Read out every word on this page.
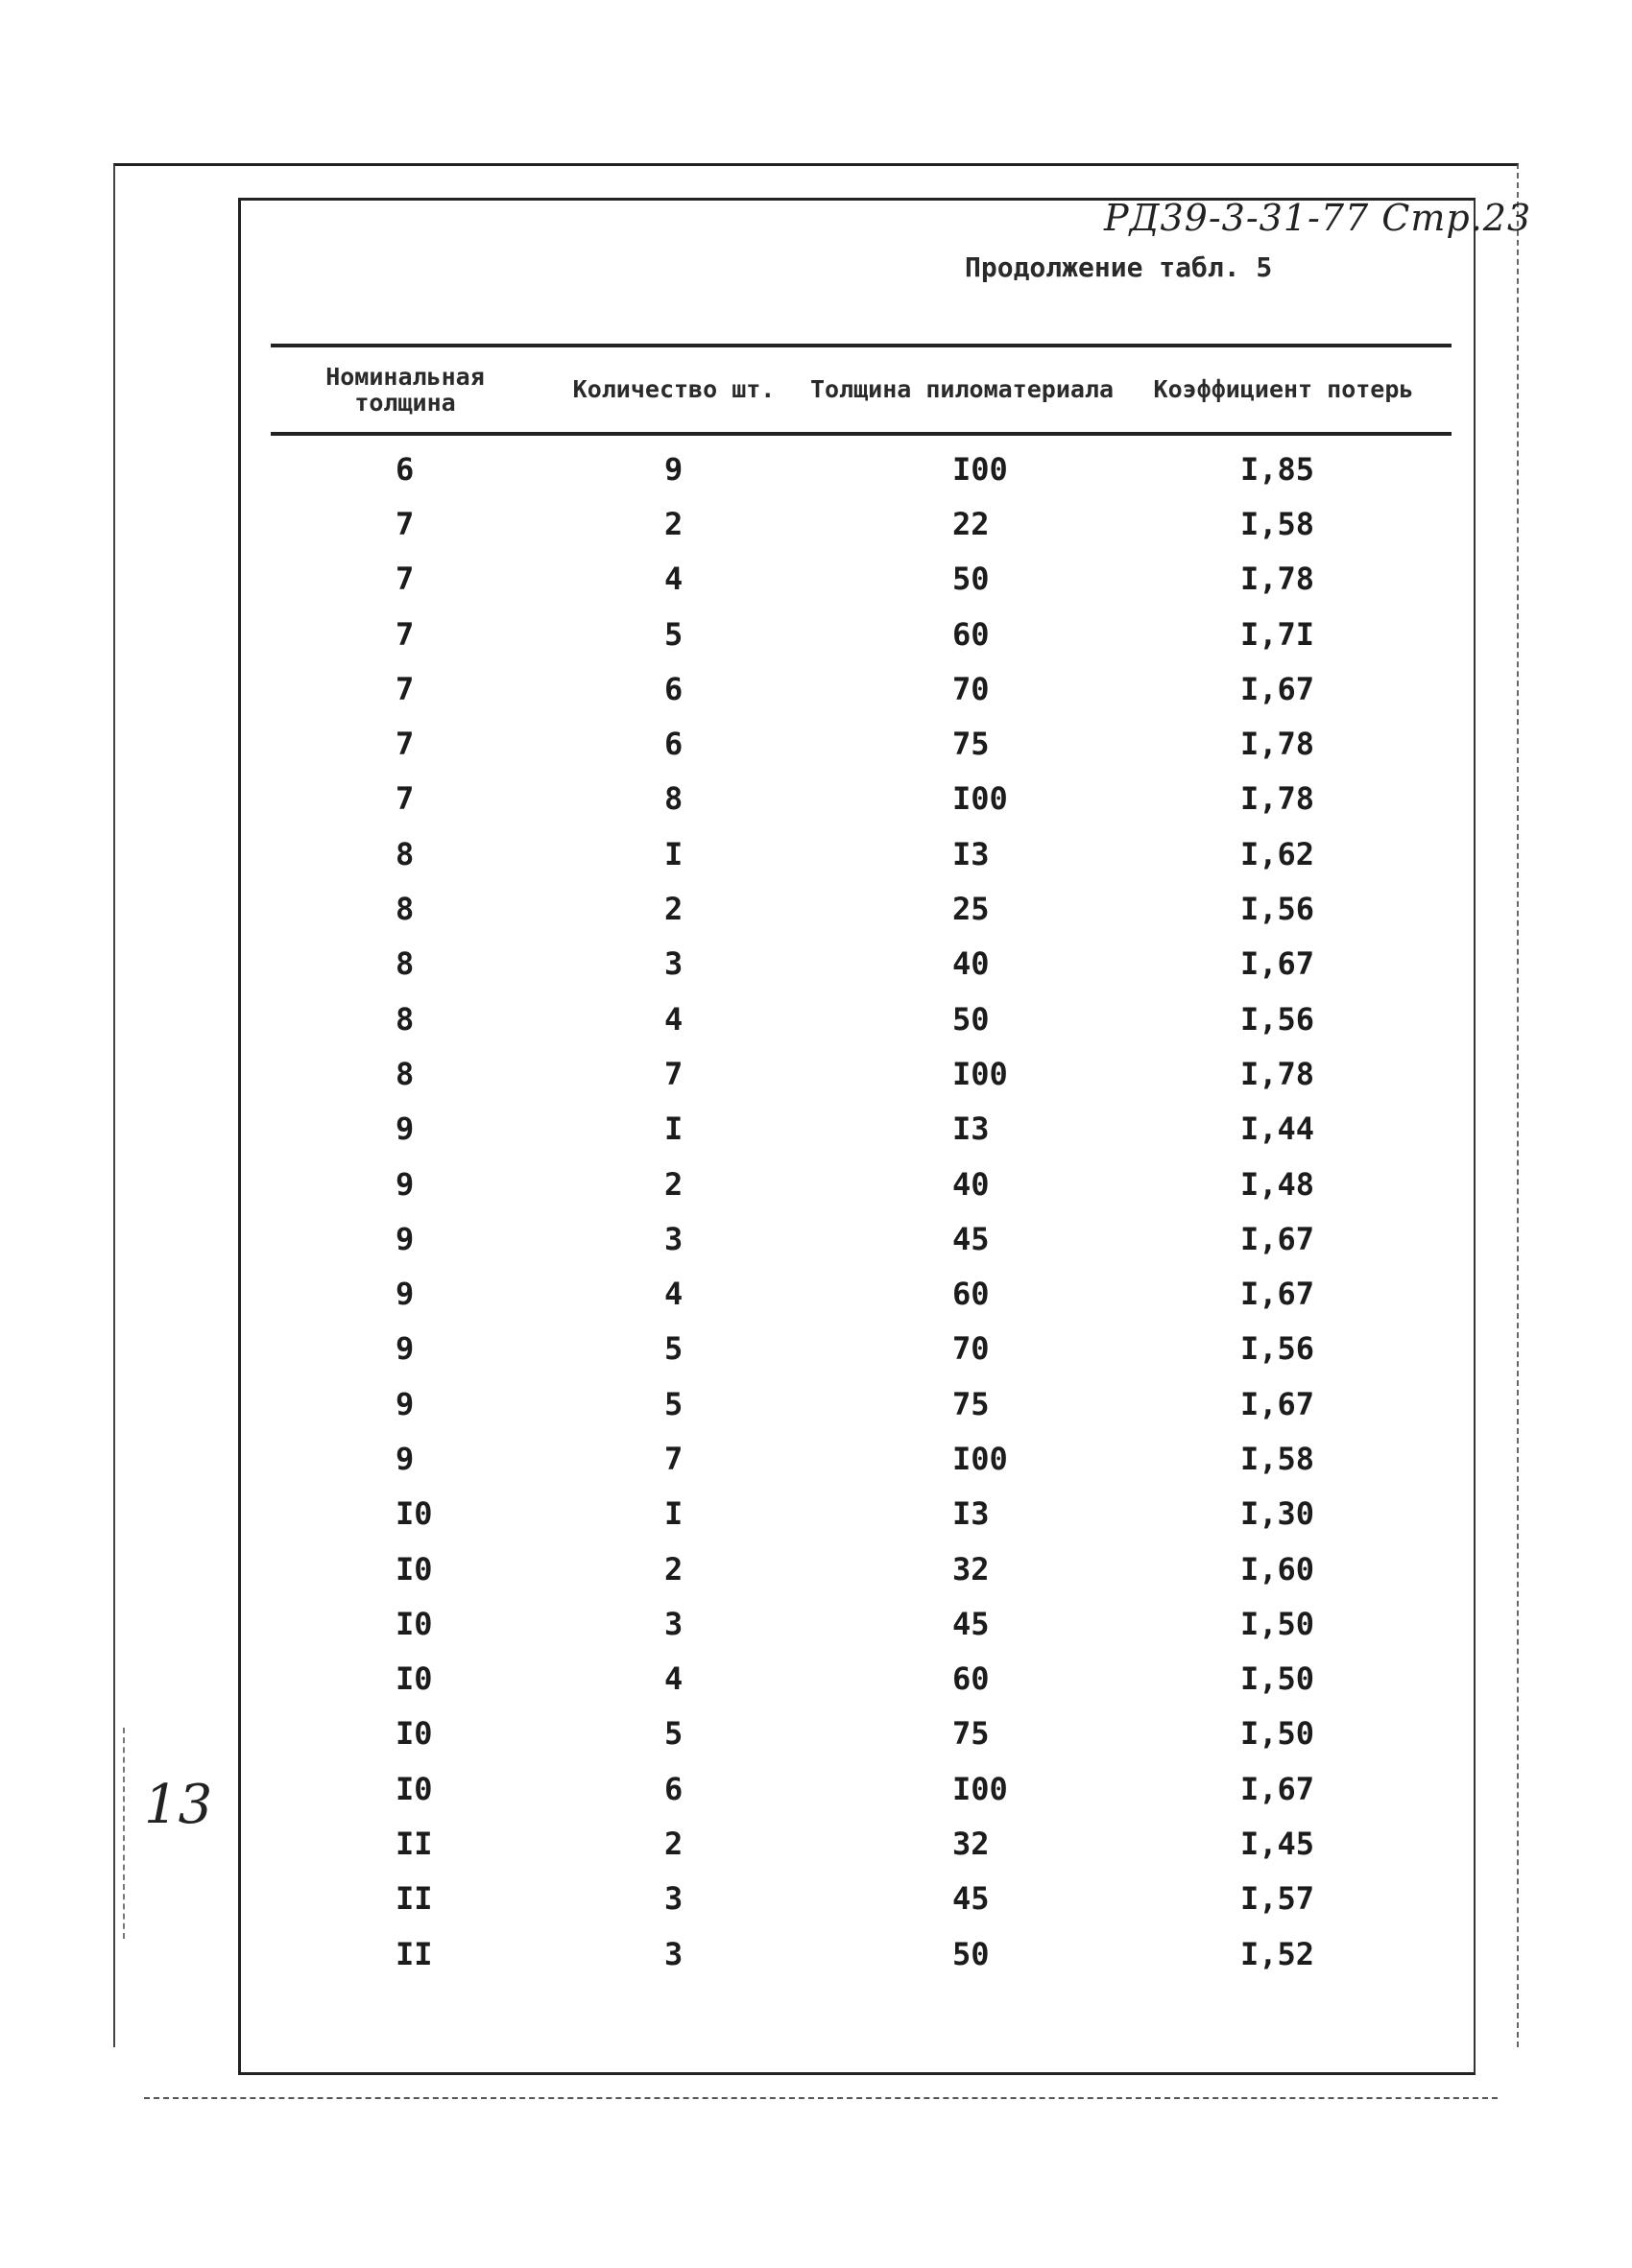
РД39-3-31-77 Стр.23
Продолжение табл. 5
13
Номинальная толщина	Количество шт.	Толщина пиломатериала	Коэффициент потерь
6	9	I00	I,85
7	2	22	I,58
7	4	50	I,78
7	5	60	I,7I
7	6	70	I,67
7	6	75	I,78
7	8	I00	I,78
8	I	I3	I,62
8	2	25	I,56
8	3	40	I,67
8	4	50	I,56
8	7	I00	I,78
9	I	I3	I,44
9	2	40	I,48
9	3	45	I,67
9	4	60	I,67
9	5	70	I,56
9	5	75	I,67
9	7	I00	I,58
I0	I	I3	I,30
I0	2	32	I,60
I0	3	45	I,50
I0	4	60	I,50
I0	5	75	I,50
I0	6	I00	I,67
II	2	32	I,45
II	3	45	I,57
II	3	50	I,52
